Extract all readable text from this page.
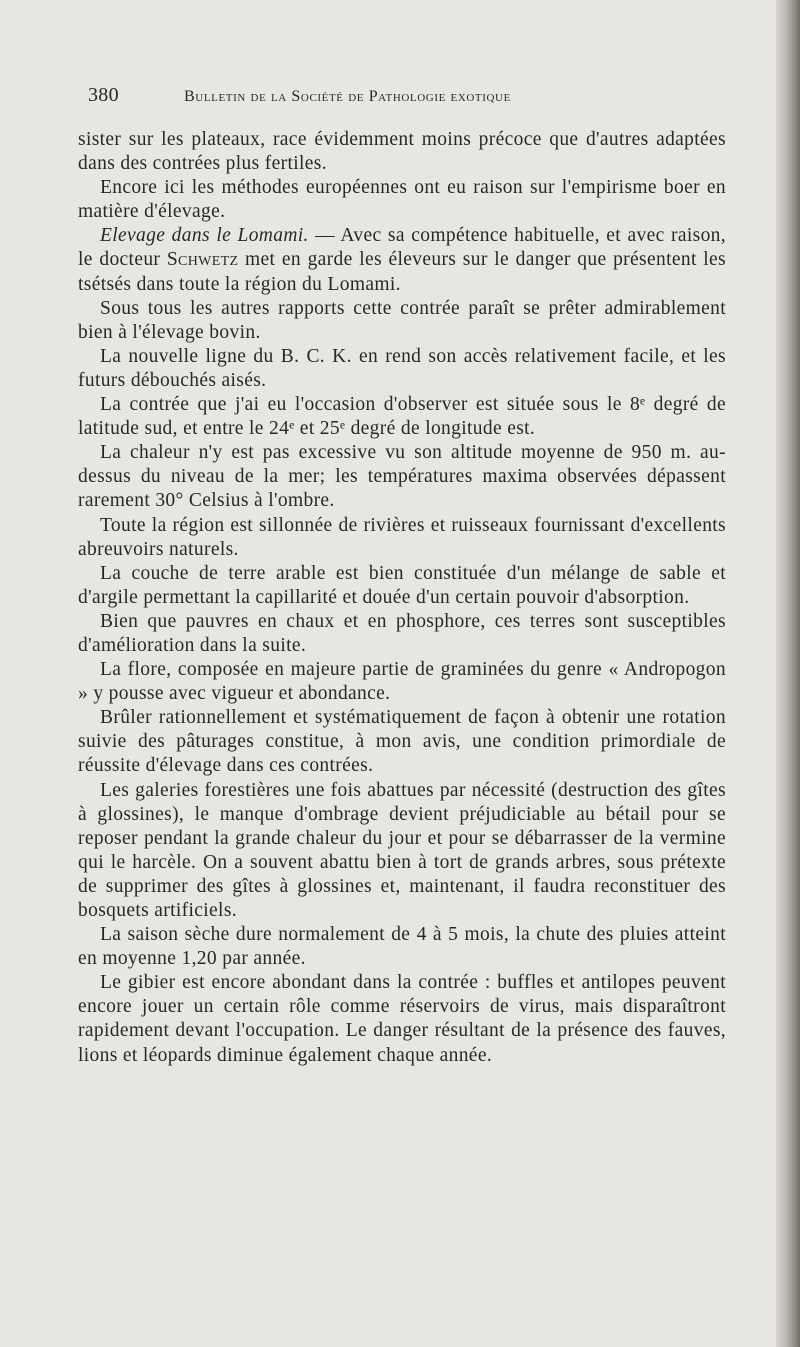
380	Bulletin de la Société de Pathologie exotique

sister sur les plateaux, race évidemment moins précoce que d'autres adaptées dans des contrées plus fertiles.

Encore ici les méthodes européennes ont eu raison sur l'empirisme boer en matière d'élevage.

Elevage dans le Lomami. — Avec sa compétence habituelle, et avec raison, le docteur Schwetz met en garde les éleveurs sur le danger que présentent les tsétsés dans toute la région du Lomami.

Sous tous les autres rapports cette contrée paraît se prêter admirablement bien à l'élevage bovin.

La nouvelle ligne du B. C. K. en rend son accès relativement facile, et les futurs débouchés aisés.

La contrée que j'ai eu l'occasion d'observer est située sous le 8ᵉ degré de latitude sud, et entre le 24ᵉ et 25ᵉ degré de longitude est.

La chaleur n'y est pas excessive vu son altitude moyenne de 950 m. au-dessus du niveau de la mer; les températures maxima observées dépassent rarement 30° Celsius à l'ombre.

Toute la région est sillonnée de rivières et ruisseaux fournissant d'excellents abreuvoirs naturels.

La couche de terre arable est bien constituée d'un mélange de sable et d'argile permettant la capillarité et douée d'un certain pouvoir d'absorption.

Bien que pauvres en chaux et en phosphore, ces terres sont susceptibles d'amélioration dans la suite.

La flore, composée en majeure partie de graminées du genre « Andropogon » y pousse avec vigueur et abondance.

Brûler rationnellement et systématiquement de façon à obtenir une rotation suivie des pâturages constitue, à mon avis, une condition primordiale de réussite d'élevage dans ces contrées.

Les galeries forestières une fois abattues par nécessité (destruction des gîtes à glossines), le manque d'ombrage devient préjudiciable au bétail pour se reposer pendant la grande chaleur du jour et pour se débarrasser de la vermine qui le harcèle. On a souvent abattu bien à tort de grands arbres, sous prétexte de supprimer des gîtes à glossines et, maintenant, il faudra reconstituer des bosquets artificiels.

La saison sèche dure normalement de 4 à 5 mois, la chute des pluies atteint en moyenne 1,20 par année.

Le gibier est encore abondant dans la contrée : buffles et antilopes peuvent encore jouer un certain rôle comme réservoirs de virus, mais disparaîtront rapidement devant l'occupation. Le danger résultant de la présence des fauves, lions et léopards diminue également chaque année.
